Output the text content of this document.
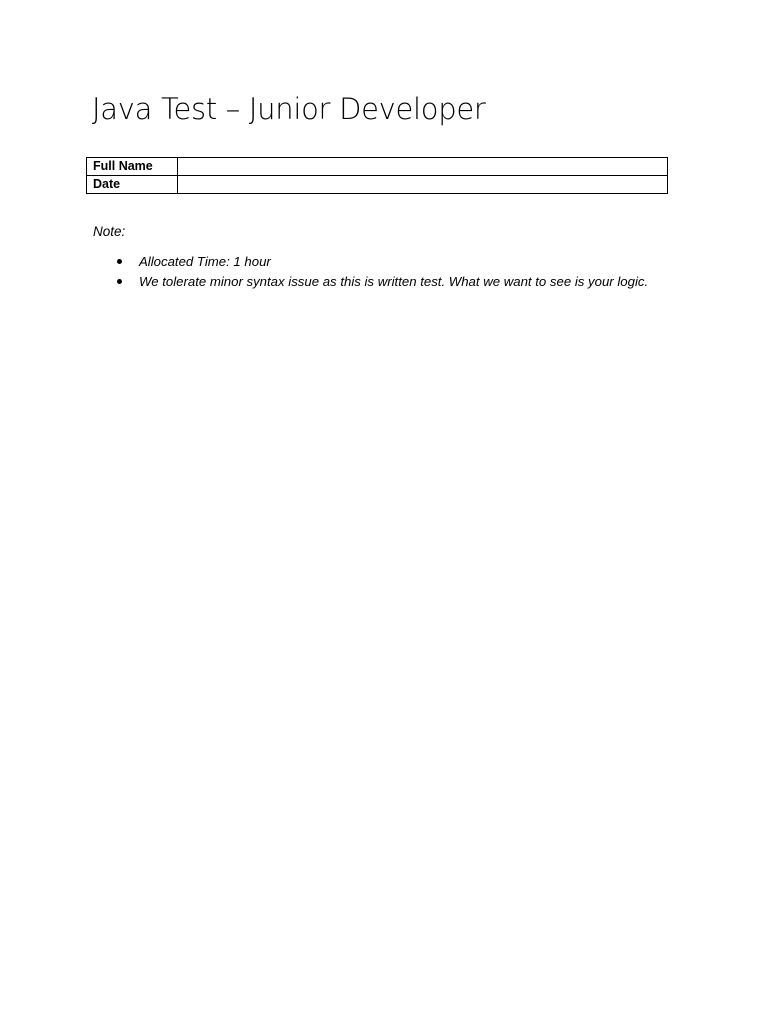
Java Test – Junior Developer
Full Name	
Date	

Note:

Allocated Time: 1 hour
We tolerate minor syntax issue as this is written test. What we want to see is your logic.
